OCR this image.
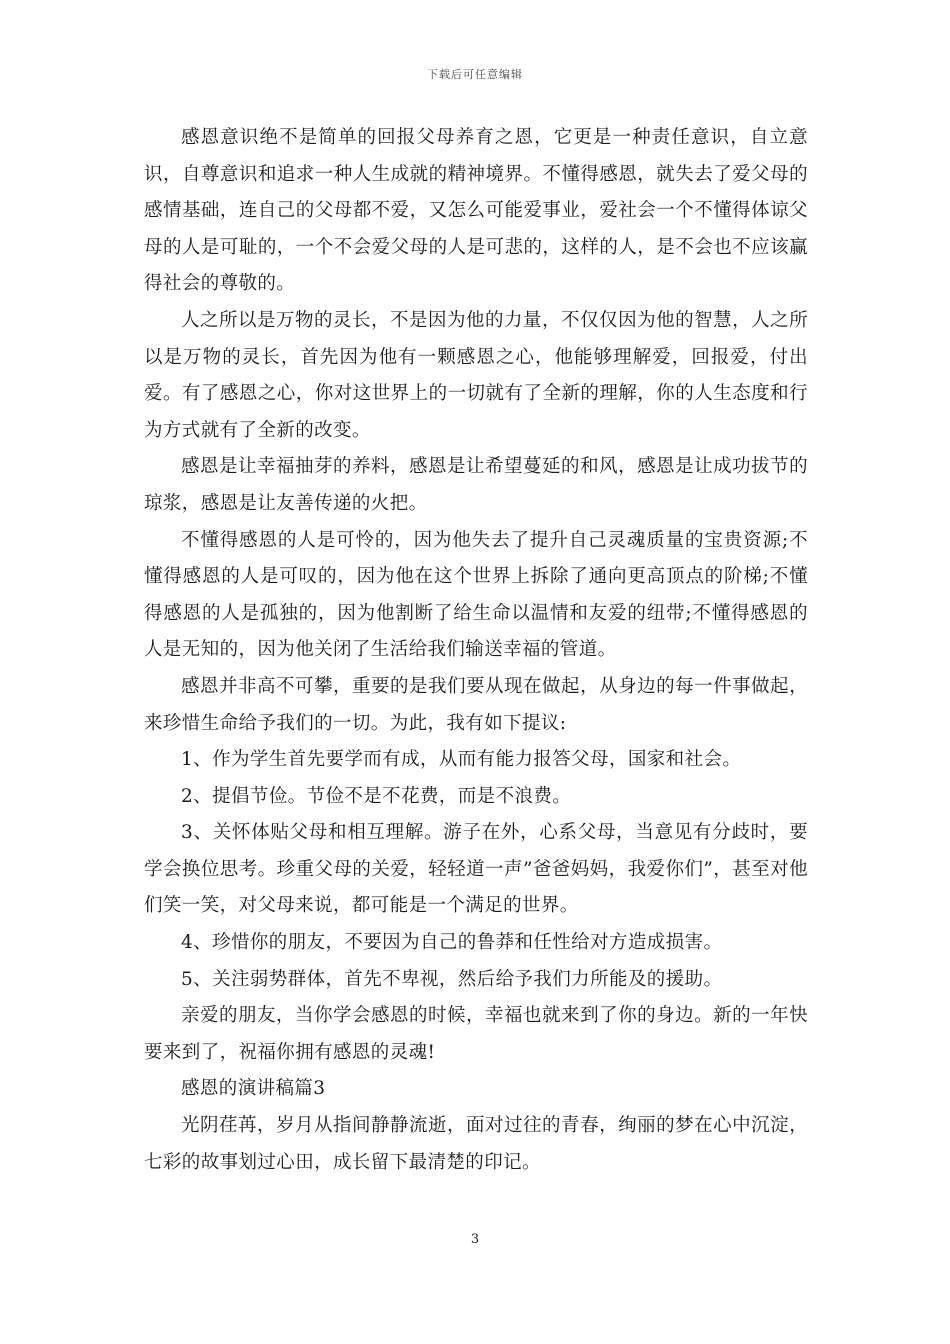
下载后可任意编辑

感恩意识绝不是简单的回报父母养育之恩，它更是一种责任意识，自立意识，自尊意识和追求一种人生成就的精神境界。不懂得感恩，就失去了爱父母的感情基础，连自己的父母都不爱，又怎么可能爱事业，爱社会一个不懂得体谅父母的人是可耻的，一个不会爱父母的人是可悲的，这样的人，是不会也不应该赢得社会的尊敬的。

人之所以是万物的灵长，不是因为他的力量，不仅仅因为他的智慧，人之所以是万物的灵长，首先因为他有一颗感恩之心，他能够理解爱，回报爱，付出爱。有了感恩之心，你对这世界上的一切就有了全新的理解，你的人生态度和行为方式就有了全新的改变。

感恩是让幸福抽芽的养料，感恩是让希望蔓延的和风，感恩是让成功拔节的琼浆，感恩是让友善传递的火把。

不懂得感恩的人是可怜的，因为他失去了提升自己灵魂质量的宝贵资源;不懂得感恩的人是可叹的，因为他在这个世界上拆除了通向更高顶点的阶梯;不懂得感恩的人是孤独的，因为他割断了给生命以温情和友爱的纽带;不懂得感恩的人是无知的，因为他关闭了生活给我们输送幸福的管道。

感恩并非高不可攀，重要的是我们要从现在做起，从身边的每一件事做起，来珍惜生命给予我们的一切。为此，我有如下提议:

1、作为学生首先要学而有成，从而有能力报答父母，国家和社会。

2、提倡节俭。节俭不是不花费，而是不浪费。

3、关怀体贴父母和相互理解。游子在外，心系父母，当意见有分歧时，要学会换位思考。珍重父母的关爱，轻轻道一声”爸爸妈妈，我爱你们”，甚至对他们笑一笑，对父母来说，都可能是一个满足的世界。

4、珍惜你的朋友，不要因为自己的鲁莽和任性给对方造成损害。

5、关注弱势群体，首先不卑视，然后给予我们力所能及的援助。

亲爱的朋友，当你学会感恩的时候，幸福也就来到了你的身边。新的一年快要来到了，祝福你拥有感恩的灵魂!

感恩的演讲稿篇3

光阴荏苒，岁月从指间静静流逝，面对过往的青春，绚丽的梦在心中沉淀，七彩的故事划过心田，成长留下最清楚的印记。

3
